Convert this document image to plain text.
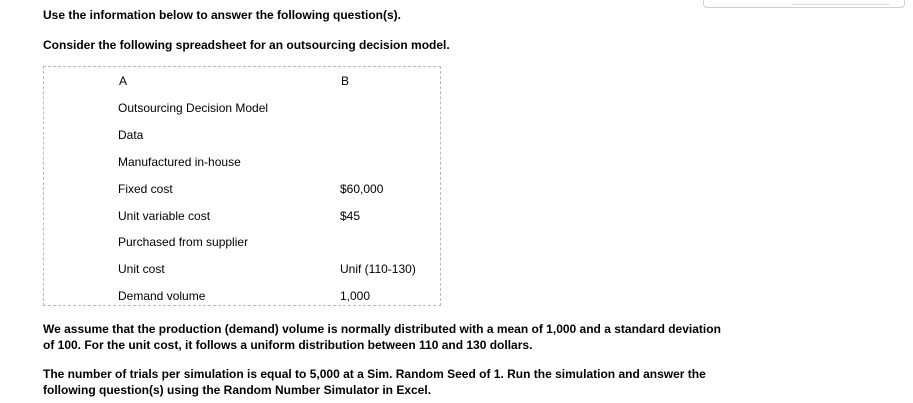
Use the information below to answer the following question(s).
Consider the following spreadsheet for an outsourcing decision model.
A	B
Outsourcing Decision Model
Data
Manufactured in-house
Fixed cost	$60,000
Unit variable cost	$45
Purchased from supplier
Unit cost	Unif (110-130)
Demand volume	1,000
We assume that the production (demand) volume is normally distributed with a mean of 1,000 and a standard deviation of 100. For the unit cost, it follows a uniform distribution between 110 and 130 dollars.
The number of trials per simulation is equal to 5,000 at a Sim. Random Seed of 1. Run the simulation and answer the following question(s) using the Random Number Simulator in Excel.
